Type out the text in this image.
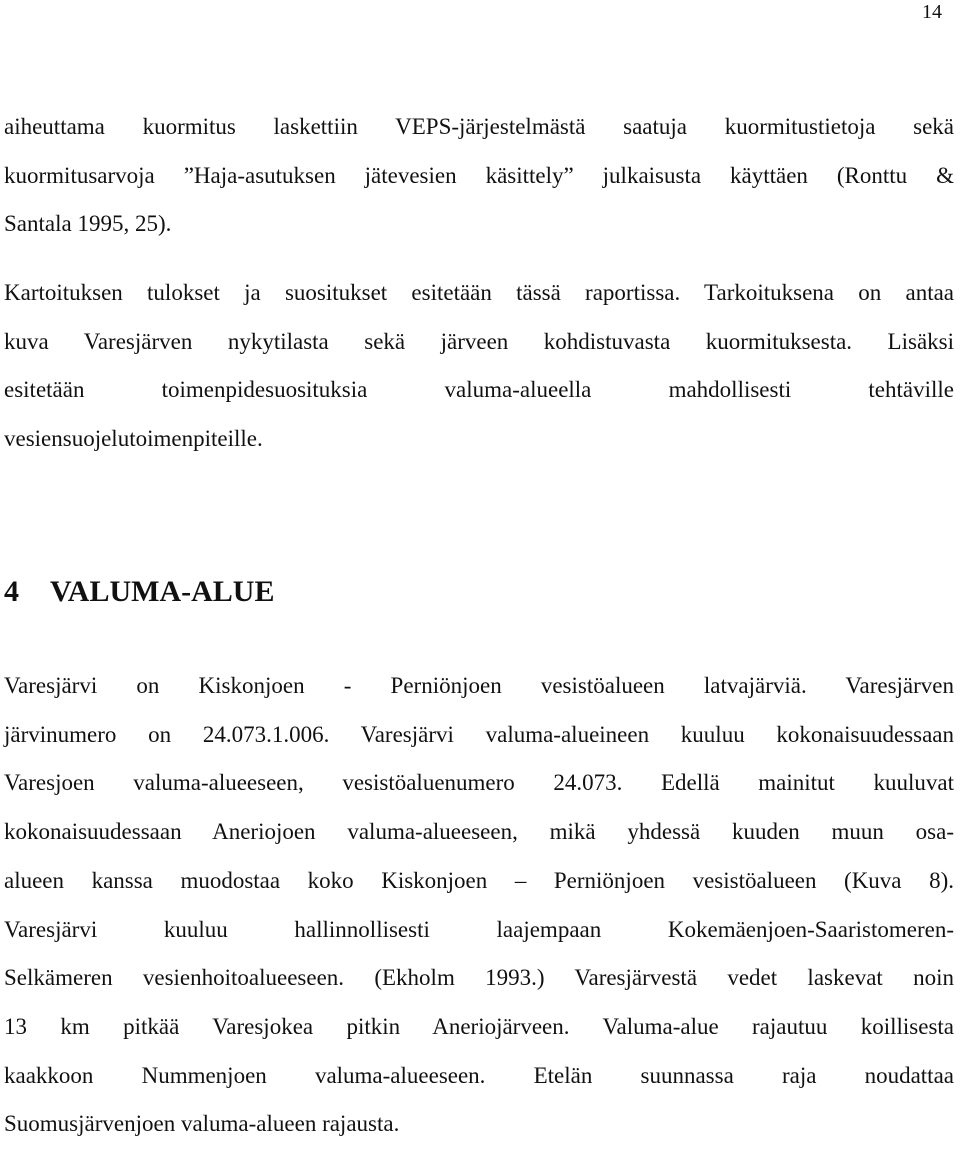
14

aiheuttama kuormitus laskettiin VEPS-järjestelmästä saatuja kuormitustietoja sekä
kuormitusarvoja ”Haja-asutuksen jätevesien käsittely” julkaisusta käyttäen (Ronttu &
Santala 1995, 25).

Kartoituksen tulokset ja suositukset esitetään tässä raportissa. Tarkoituksena on antaa
kuva Varesjärven nykytilasta sekä järveen kohdistuvasta kuormituksesta. Lisäksi
esitetään toimenpidesuosituksia valuma-alueella mahdollisesti tehtäville
vesiensuojelutoimenpiteille.

4 VALUMA-ALUE

Varesjärvi on Kiskonjoen - Perniönjoen vesistöalueen latvajärviä. Varesjärven
järvinumero on 24.073.1.006. Varesjärvi valuma-alueineen kuuluu kokonaisuudessaan
Varesjoen valuma-alueeseen, vesistöaluenumero 24.073. Edellä mainitut kuuluvat
kokonaisuudessaan Aneriojoen valuma-alueeseen, mikä yhdessä kuuden muun osa-
alueen kanssa muodostaa koko Kiskonjoen – Perniönjoen vesistöalueen (Kuva 8).
Varesjärvi kuuluu hallinnollisesti laajempaan Kokemäenjoen-Saaristomeren-
Selkämeren vesienhoitoalueeseen. (Ekholm 1993.) Varesjärvestä vedet laskevat noin
13 km pitkää Varesjokea pitkin Aneriojärveen. Valuma-alue rajautuu koillisesta
kaakkoon Nummenjoen valuma-alueeseen. Etelän suunnassa raja noudattaa
Suomusjärvenjoen valuma-alueen rajausta.
